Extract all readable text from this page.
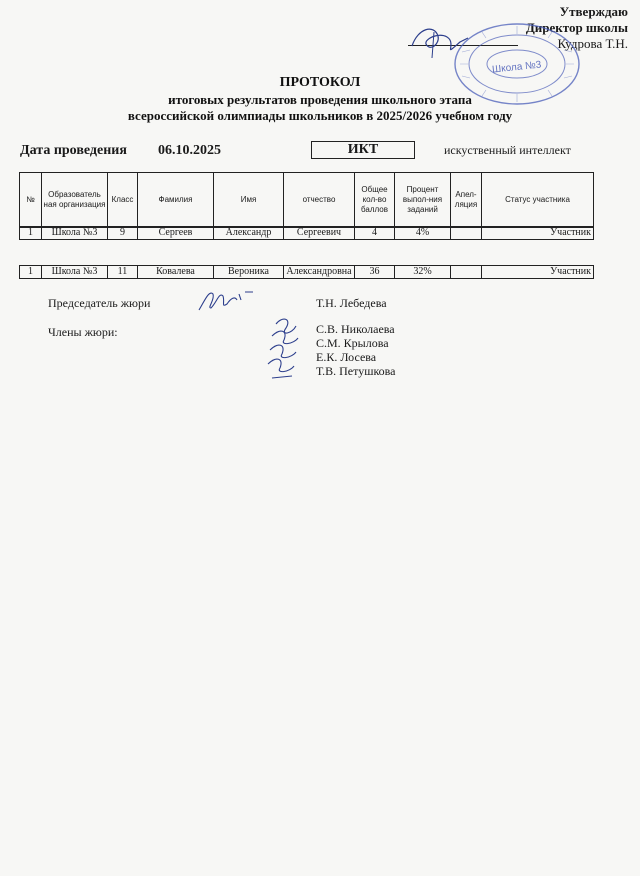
Утверждаю
Директор школы
Кудрова Т.Н.
Школа №3
ПРОТОКОЛ
итоговых результатов проведения школьного этапа
всероссийской олимпиады школьников в 2025/2026 учебном году
Дата проведения 06.10.2025	ИКТ	искуственный интеллект
№	Образователь ная организация	Класс	Фамилия	Имя	отчество	Общее кол-во баллов	Процент выпол-ния заданий	Апел-ляция	Статус участника
1	Школа №3	9	Сергеев	Александр	Сергеевич	4	4%		Участник
1	Школа №3	11	Ковалева	Вероника	Александровна	36	32%		Участник
Председатель жюри	Т.Н. Лебедева
Члены жюри:	С.В. Николаева
С.М. Крылова
Е.К. Лосева
Т.В. Петушкова
